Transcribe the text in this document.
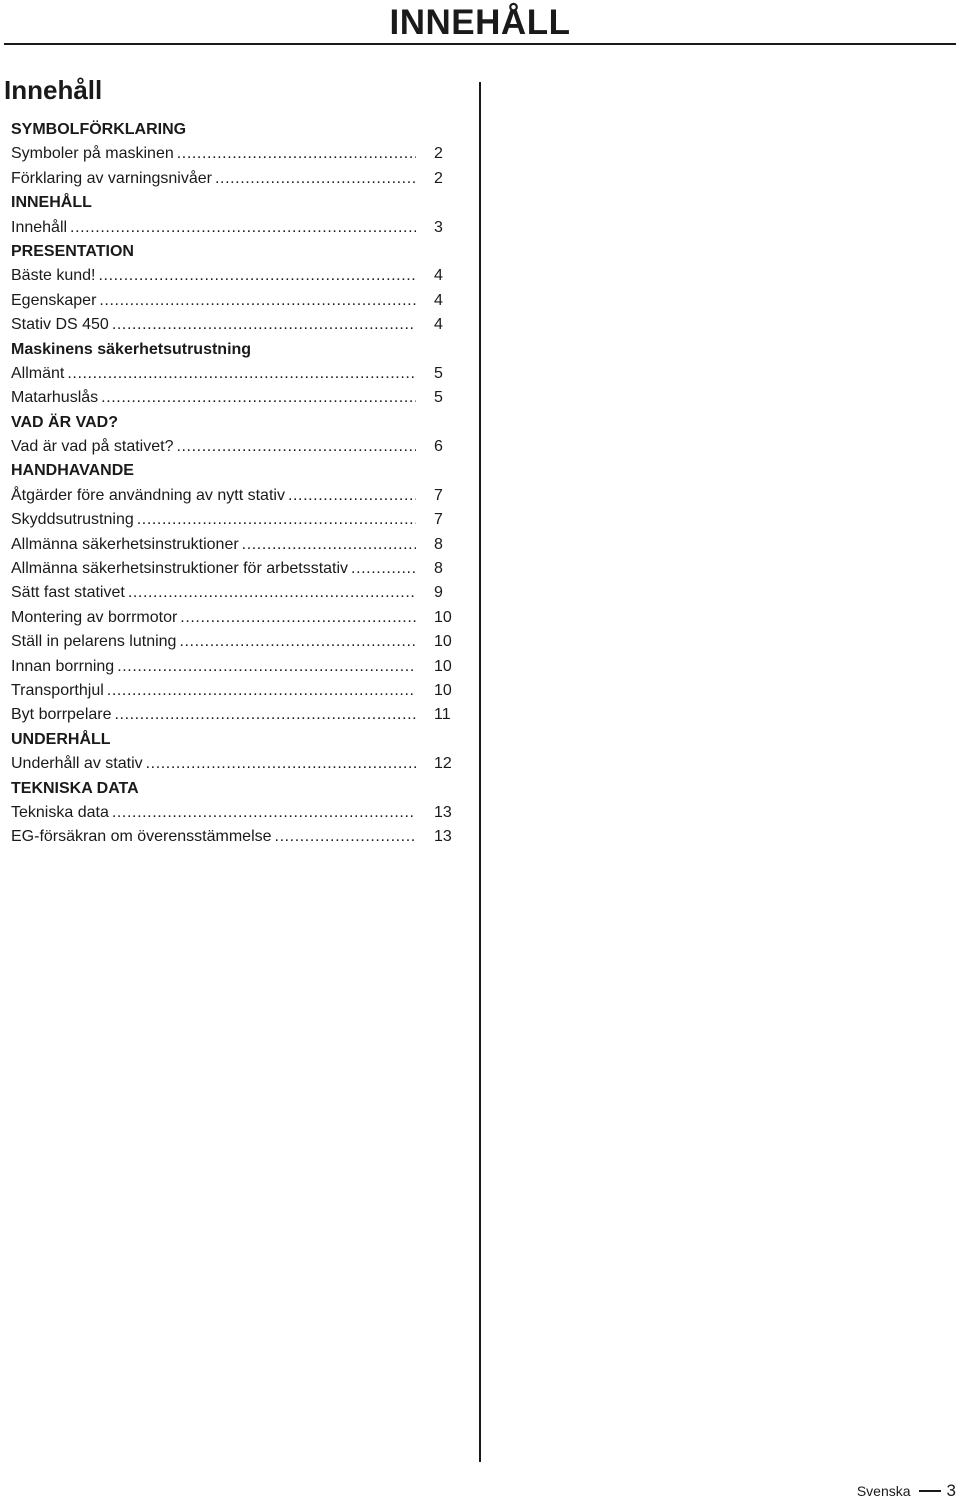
INNEHÅLL
Innehåll
SYMBOLFÖRKLARING
Symboler på maskinen .....	2
Förklaring av varningsnivåer .....	2
INNEHÅLL
Innehåll .....	3
PRESENTATION
Bäste kund! .....	4
Egenskaper .....	4
Stativ DS 450 .....	4
Maskinens säkerhetsutrustning
Allmänt .....	5
Matarhuslås .....	5
VAD ÄR VAD?
Vad är vad på stativet? .....	6
HANDHAVANDE
Åtgärder före användning av nytt stativ .....	7
Skyddsutrustning .....	7
Allmänna säkerhetsinstruktioner .....	8
Allmänna säkerhetsinstruktioner för arbetsstativ .....	8
Sätt fast stativet .....	9
Montering av borrmotor .....	10
Ställ in pelarens lutning .....	10
Innan borrning .....	10
Transporthjul .....	10
Byt borrpelare .....	11
UNDERHÅLL
Underhåll av stativ .....	12
TEKNISKA DATA
Tekniska data .....	13
EG-försäkran om överensstämmelse .....	13
Svenska 3
